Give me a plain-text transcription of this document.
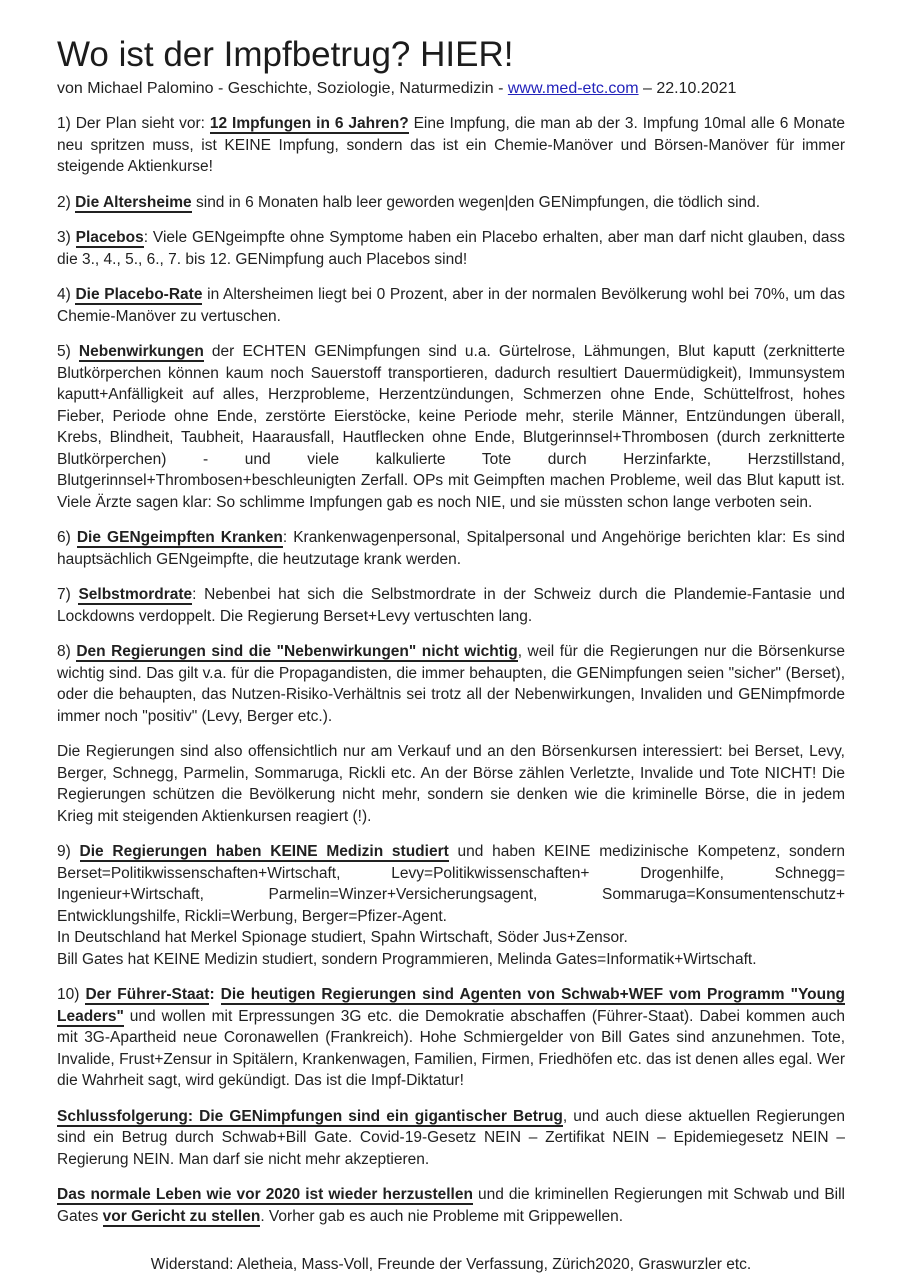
Wo ist der Impfbetrug? HIER!

von Michael Palomino - Geschichte, Soziologie, Naturmedizin - www.med-etc.com – 22.10.2021

1) Der Plan sieht vor: 12 Impfungen in 6 Jahren? Eine Impfung, die man ab der 3. Impfung 10mal alle 6 Monate neu spritzen muss, ist KEINE Impfung, sondern das ist ein Chemie-Manöver und Börsen-Manöver für immer steigende Aktienkurse!

2) Die Altersheime sind in 6 Monaten halb leer geworden wegen|den GENimpfungen, die tödlich sind.

3) Placebos: Viele GENgeimpfte ohne Symptome haben ein Placebo erhalten, aber man darf nicht glauben, dass die 3., 4., 5., 6., 7. bis 12. GENimpfung auch Placebos sind!

4) Die Placebo-Rate in Altersheimen liegt bei 0 Prozent, aber in der normalen Bevölkerung wohl bei 70%, um das Chemie-Manöver zu vertuschen.

5) Nebenwirkungen der ECHTEN GENimpfungen sind u.a. Gürtelrose, Lähmungen, Blut kaputt (zerknitterte Blutkörperchen können kaum noch Sauerstoff transportieren, dadurch resultiert Dauermüdigkeit), Immunsystem kaputt+Anfälligkeit auf alles, Herzprobleme, Herzentzündungen, Schmerzen ohne Ende, Schüttelfrost, hohes Fieber, Periode ohne Ende, zerstörte Eierstöcke, keine Periode mehr, sterile Männer, Entzündungen überall, Krebs, Blindheit, Taubheit, Haarausfall, Hautflecken ohne Ende, Blutgerinnsel+Thrombosen (durch zerknitterte Blutkörperchen) - und viele kalkulierte Tote durch Herzinfarkte, Herzstillstand, Blutgerinnsel+Thrombosen+beschleunigten Zerfall. OPs mit Geimpften machen Probleme, weil das Blut kaputt ist. Viele Ärzte sagen klar: So schlimme Impfungen gab es noch NIE, und sie müssten schon lange verboten sein.

6) Die GENgeimpften Kranken: Krankenwagenpersonal, Spitalpersonal und Angehörige berichten klar: Es sind hauptsächlich GENgeimpfte, die heutzutage krank werden.

7) Selbstmordrate: Nebenbei hat sich die Selbstmordrate in der Schweiz durch die Plandemie-Fantasie und Lockdowns verdoppelt. Die Regierung Berset+Levy vertuschten lang.

8) Den Regierungen sind die "Nebenwirkungen" nicht wichtig, weil für die Regierungen nur die Börsenkurse wichtig sind. Das gilt v.a. für die Propagandisten, die immer behaupten, die GENimpfungen seien "sicher" (Berset), oder die behaupten, das Nutzen-Risiko-Verhältnis sei trotz all der Nebenwirkungen, Invaliden und GENimpfmorde immer noch "positiv" (Levy, Berger etc.).

Die Regierungen sind also offensichtlich nur am Verkauf und an den Börsenkursen interessiert: bei Berset, Levy, Berger, Schnegg, Parmelin, Sommaruga, Rickli etc. An der Börse zählen Verletzte, Invalide und Tote NICHT! Die Regierungen schützen die Bevölkerung nicht mehr, sondern sie denken wie die kriminelle Börse, die in jedem Krieg mit steigenden Aktienkursen reagiert (!).

9) Die Regierungen haben KEINE Medizin studiert und haben KEINE medizinische Kompetenz, sondern Berset=Politikwissenschaften+Wirtschaft, Levy=Politikwissenschaften+ Drogenhilfe, Schnegg= Ingenieur+Wirtschaft, Parmelin=Winzer+Versicherungsagent, Sommaruga=Konsumentenschutz+ Entwicklungshilfe, Rickli=Werbung, Berger=Pfizer-Agent.
In Deutschland hat Merkel Spionage studiert, Spahn Wirtschaft, Söder Jus+Zensor.
Bill Gates hat KEINE Medizin studiert, sondern Programmieren, Melinda Gates=Informatik+Wirtschaft.

10) Der Führer-Staat: Die heutigen Regierungen sind Agenten von Schwab+WEF vom Programm "Young Leaders" und wollen mit Erpressungen 3G etc. die Demokratie abschaffen (Führer-Staat). Dabei kommen auch mit 3G-Apartheid neue Coronawellen (Frankreich). Hohe Schmiergelder von Bill Gates sind anzunehmen. Tote, Invalide, Frust+Zensur in Spitälern, Krankenwagen, Familien, Firmen, Friedhöfen etc. das ist denen alles egal. Wer die Wahrheit sagt, wird gekündigt. Das ist die Impf-Diktatur!

Schlussfolgerung: Die GENimpfungen sind ein gigantischer Betrug, und auch diese aktuellen Regierungen sind ein Betrug durch Schwab+Bill Gate. Covid-19-Gesetz NEIN – Zertifikat NEIN – Epidemiegesetz NEIN – Regierung NEIN. Man darf sie nicht mehr akzeptieren.

Das normale Leben wie vor 2020 ist wieder herzustellen und die kriminellen Regierungen mit Schwab und Bill Gates vor Gericht zu stellen. Vorher gab es auch nie Probleme mit Grippewellen.

Widerstand: Aletheia, Mass-Voll, Freunde der Verfassung, Zürich2020, Graswurzler etc.
